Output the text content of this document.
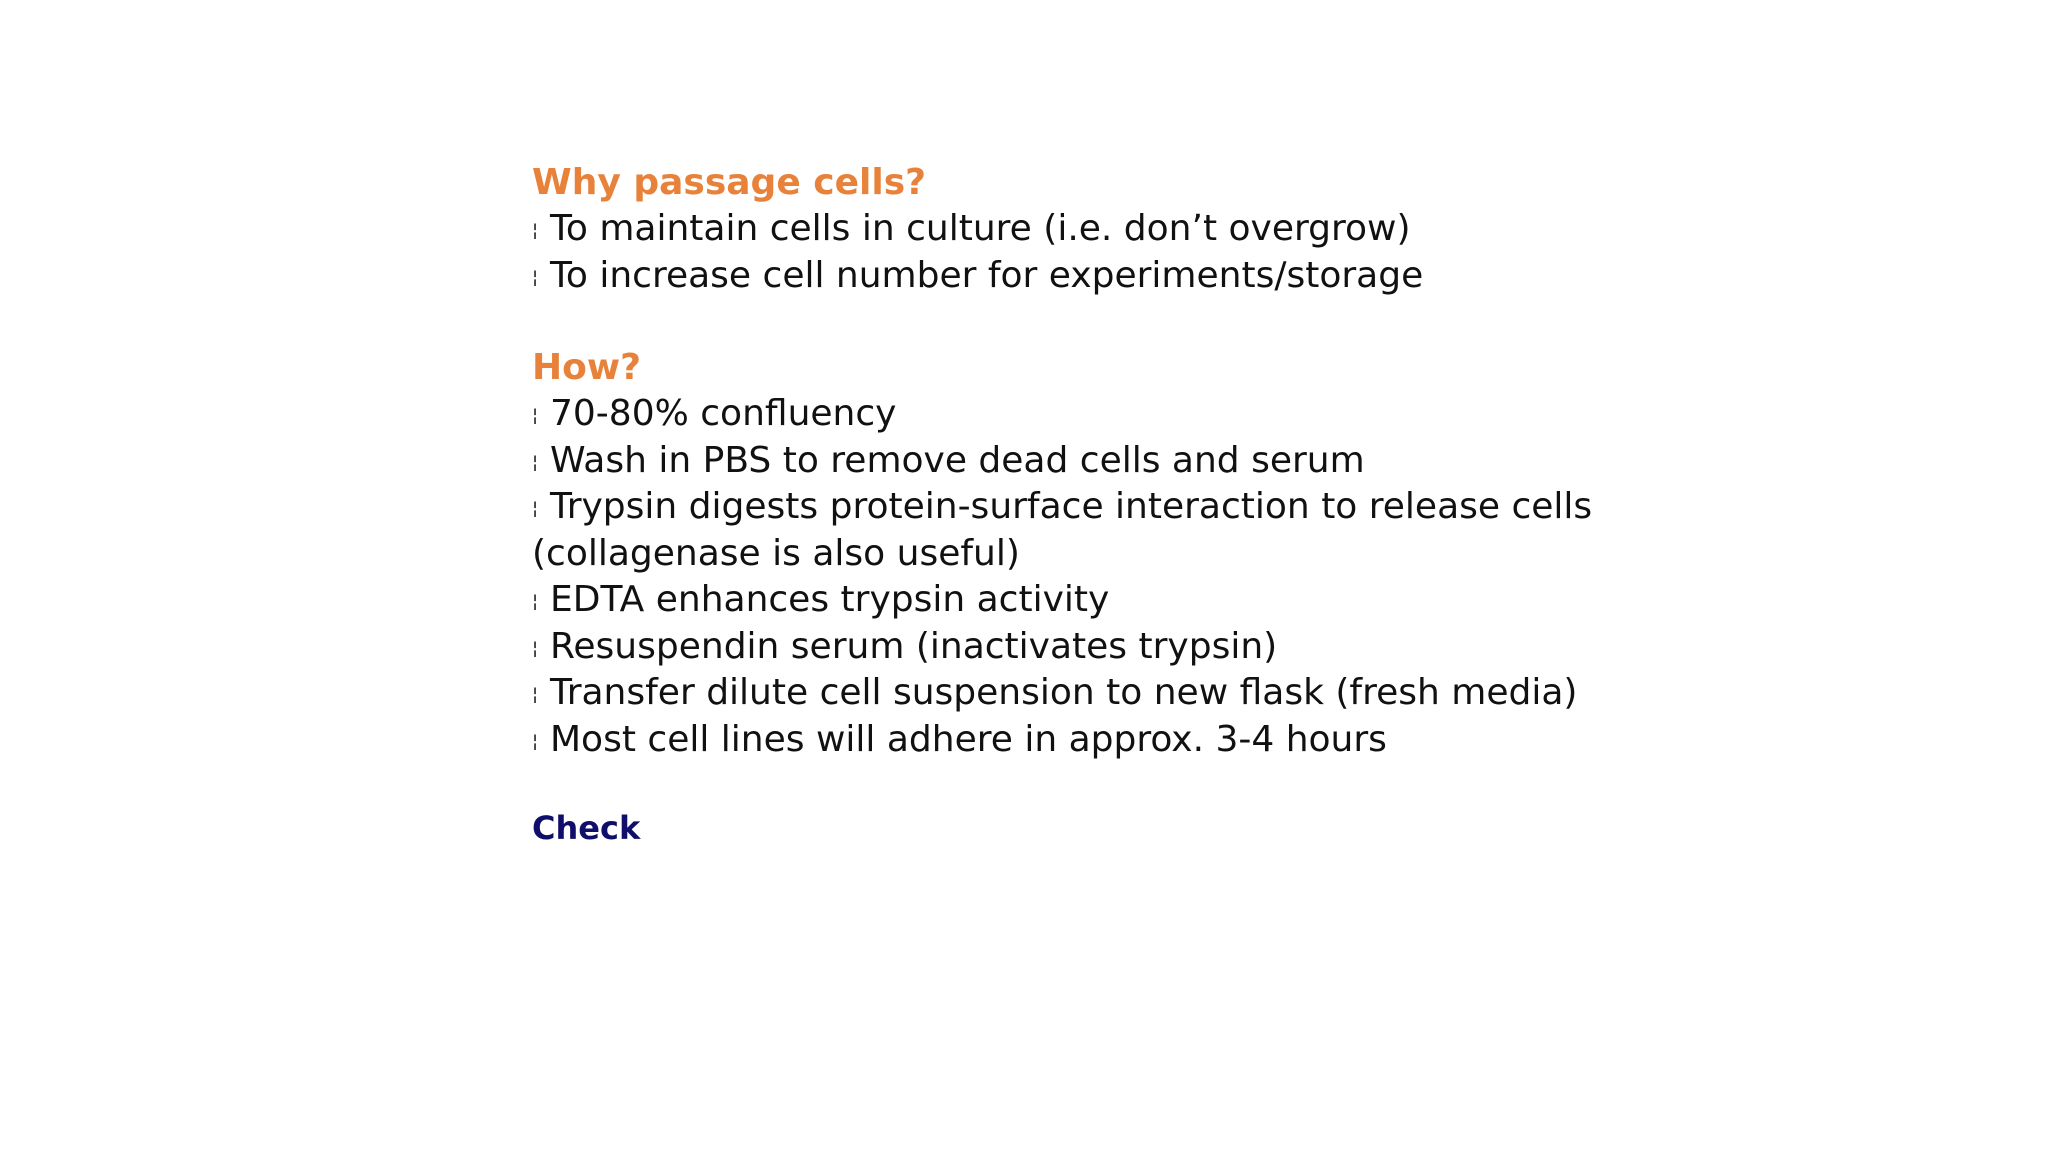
Why passage cells?
¦ To maintain cells in culture (i.e. don’t overgrow)
¦ To increase cell number for experiments/storage
How?
¦ 70-80% confluency
¦ Wash in PBS to remove dead cells and serum
¦ Trypsin digests protein-surface interaction to release cells
(collagenase is also useful)
¦ EDTA enhances trypsin activity
¦ Resuspendin serum (inactivates trypsin)
¦ Transfer dilute cell suspension to new flask (fresh media)
¦ Most cell lines will adhere in approx. 3-4 hours
Check
